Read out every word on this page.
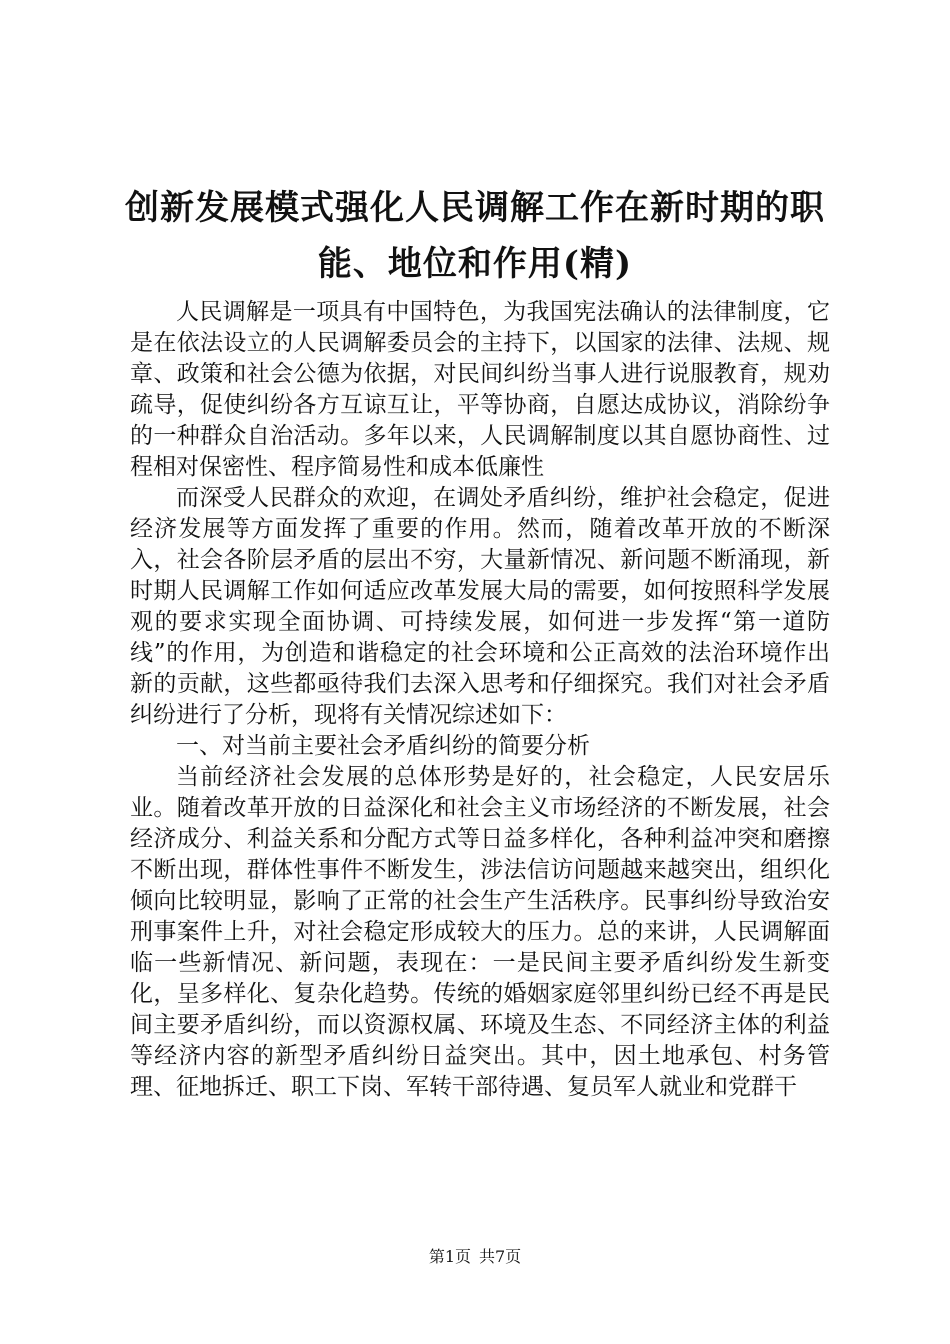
创新发展模式强化人民调解工作在新时期的职能、地位和作用(精)

人民调解是一项具有中国特色，为我国宪法确认的法律制度，它是在依法设立的人民调解委员会的主持下，以国家的法律、法规、规章、政策和社会公德为依据，对民间纠纷当事人进行说服教育，规劝疏导，促使纠纷各方互谅互让，平等协商，自愿达成协议，消除纷争的一种群众自治活动。多年以来，人民调解制度以其自愿协商性、过程相对保密性、程序简易性和成本低廉性

而深受人民群众的欢迎，在调处矛盾纠纷，维护社会稳定，促进经济发展等方面发挥了重要的作用。然而，随着改革开放的不断深入，社会各阶层矛盾的层出不穷，大量新情况、新问题不断涌现，新时期人民调解工作如何适应改革发展大局的需要，如何按照科学发展观的要求实现全面协调、可持续发展，如何进一步发挥“第一道防线”的作用，为创造和谐稳定的社会环境和公正高效的法治环境作出新的贡献，这些都亟待我们去深入思考和仔细探究。我们对社会矛盾纠纷进行了分析，现将有关情况综述如下：

一、对当前主要社会矛盾纠纷的简要分析

当前经济社会发展的总体形势是好的，社会稳定，人民安居乐业。随着改革开放的日益深化和社会主义市场经济的不断发展，社会经济成分、利益关系和分配方式等日益多样化，各种利益冲突和磨擦不断出现，群体性事件不断发生，涉法信访问题越来越突出，组织化倾向比较明显，影响了正常的社会生产生活秩序。民事纠纷导致治安刑事案件上升，对社会稳定形成较大的压力。总的来讲，人民调解面临一些新情况、新问题，表现在：一是民间主要矛盾纠纷发生新变化，呈多样化、复杂化趋势。传统的婚姻家庭邻里纠纷已经不再是民间主要矛盾纠纷，而以资源权属、环境及生态、不同经济主体的利益等经济内容的新型矛盾纠纷日益突出。其中，因土地承包、村务管理、征地拆迁、职工下岗、军转干部待遇、复员军人就业和党群干

第1页 共7页
